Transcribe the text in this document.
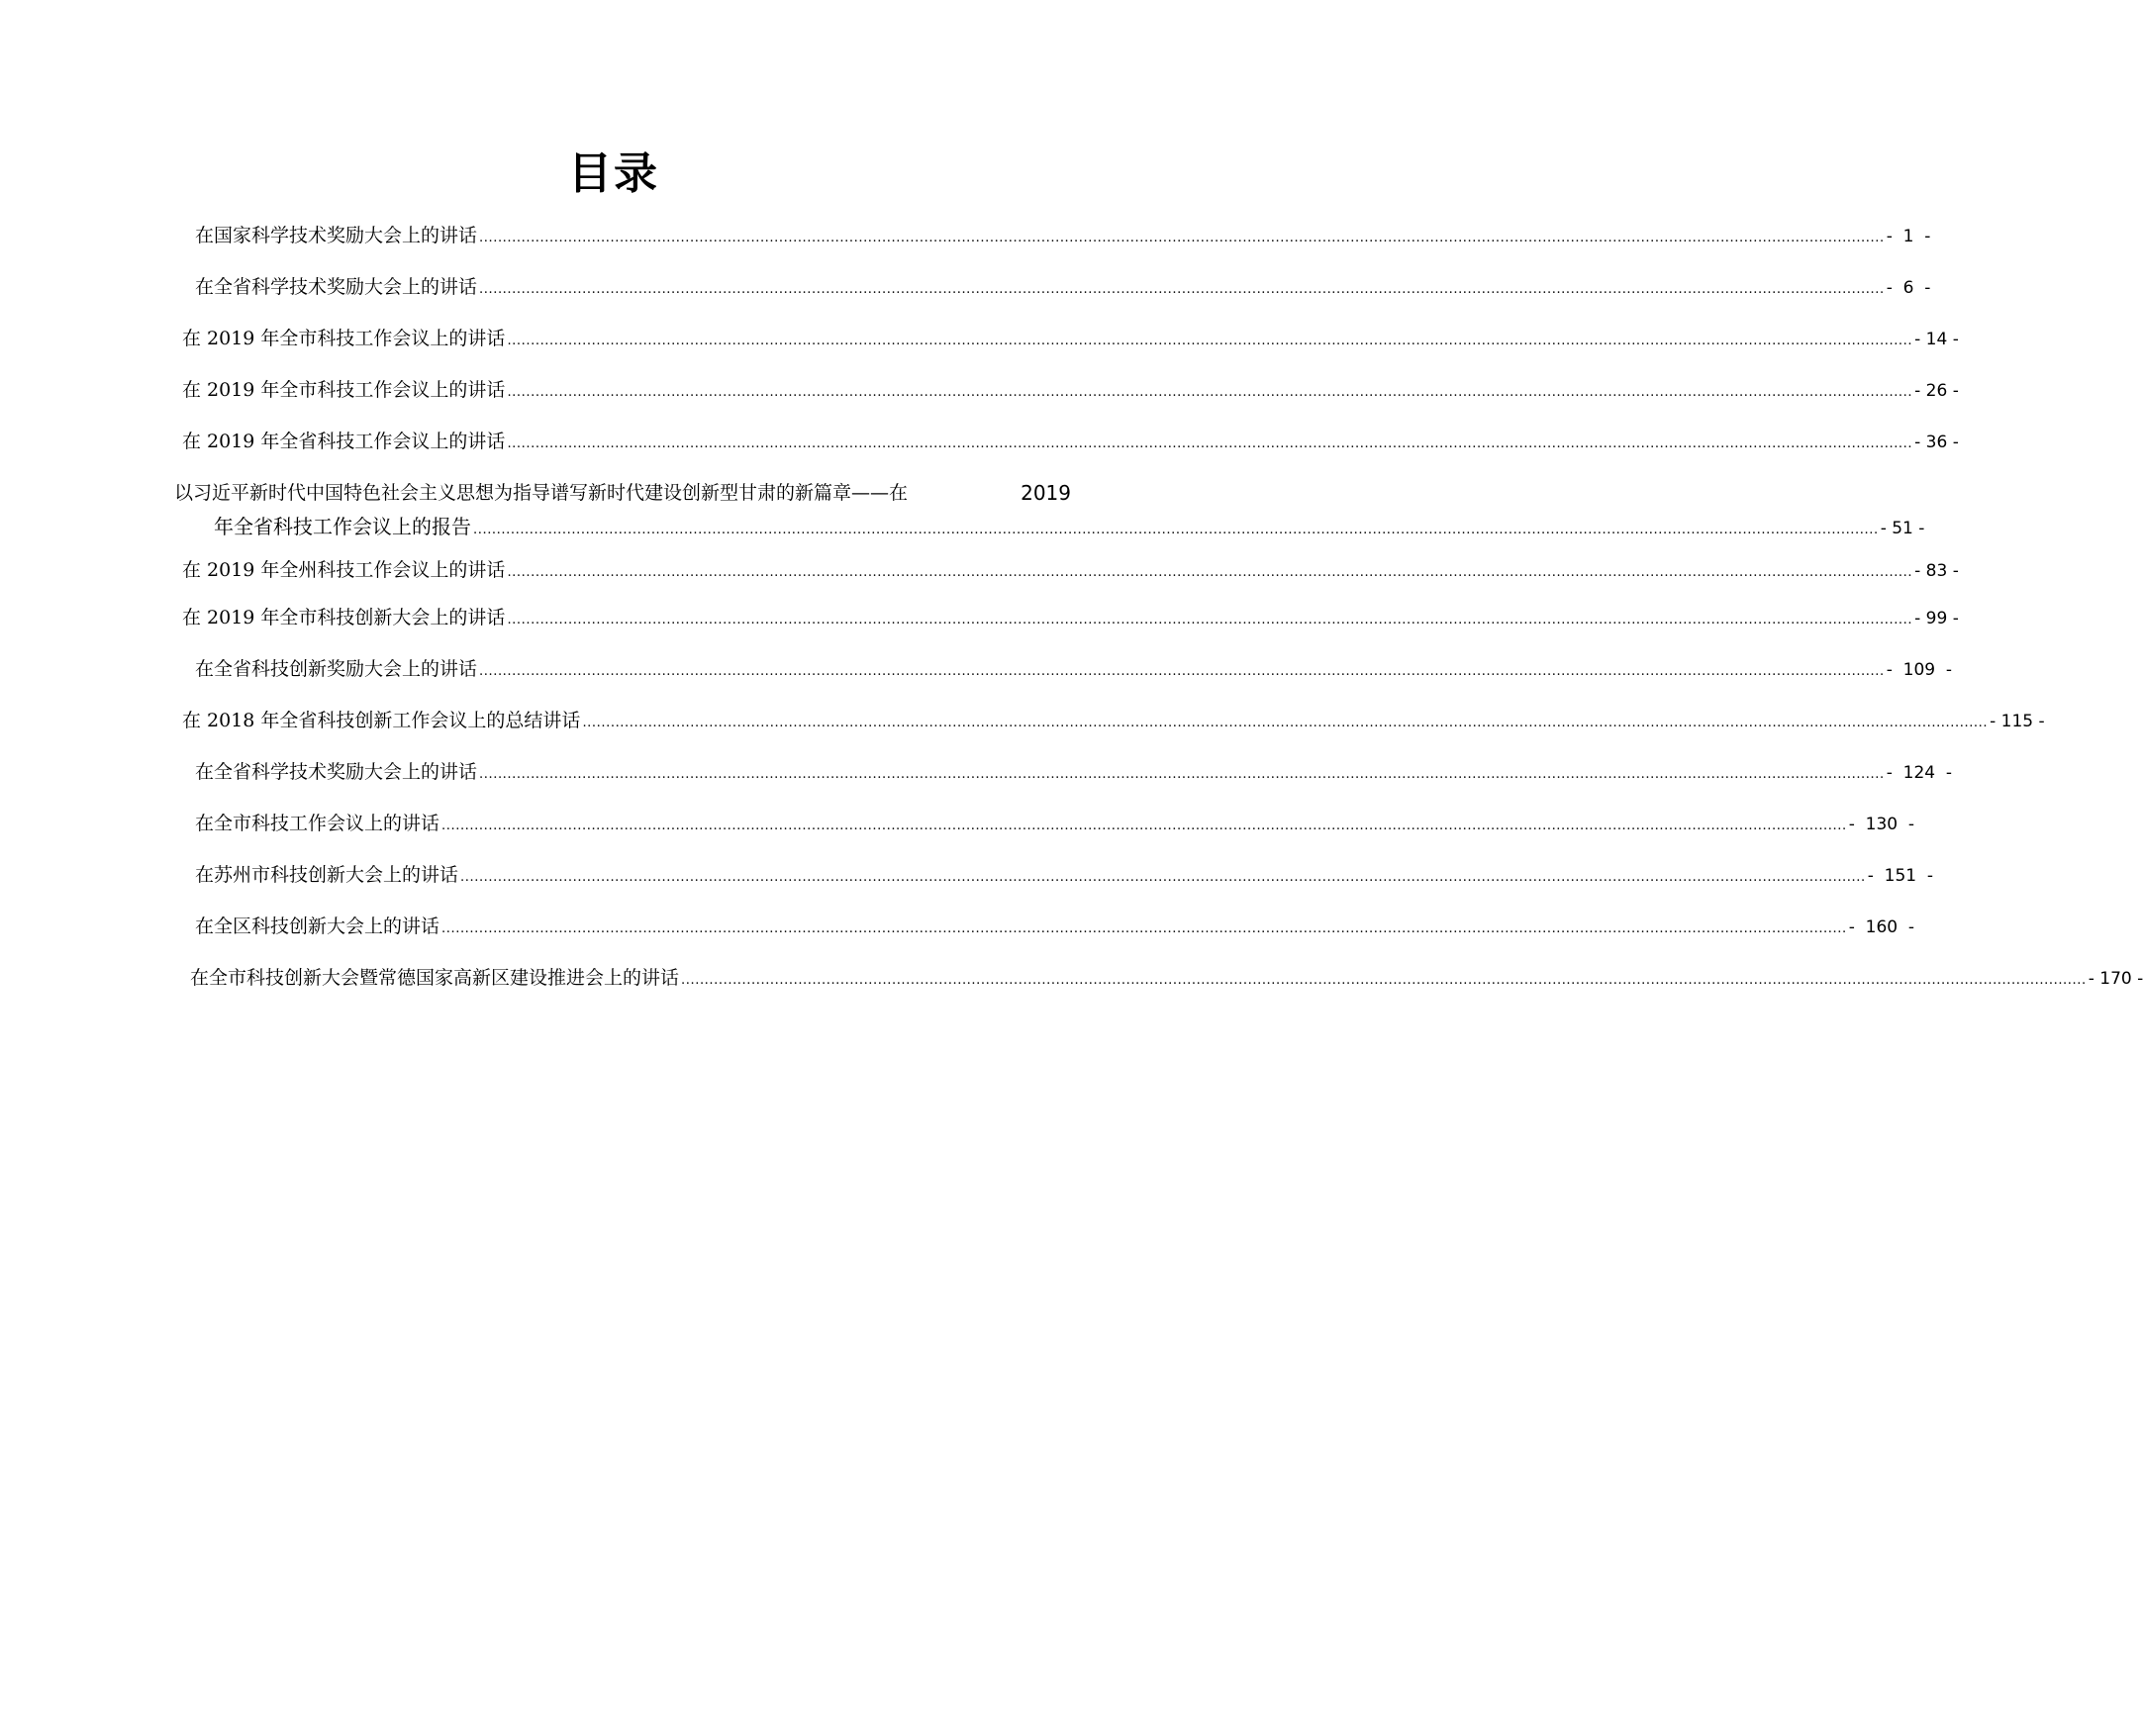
目录
在国家科学技术奖励大会上的讲话 ............................................................................................................................................................................................................................................................................................................ -  1  -
在全省科学技术奖励大会上的讲话 ............................................................................................................................................................................................................................................................................................................ -  6  -
在 2019 年全市科技工作会议上的讲话 ............................................................................................................................................................................................................................................................................................................ - 14 -
在 2019 年全市科技工作会议上的讲话 ............................................................................................................................................................................................................................................................................................................ - 26 -
在 2019 年全省科技工作会议上的讲话 ............................................................................................................................................................................................................................................................................................................ - 36 -
以习近平新时代中国特色社会主义思想为指导谱写新时代建设创新型甘肃的新篇章——在	2019
年全省科技工作会议上的报告 ............................................................................................................................................................................................................................................................................................................ - 51 -
在 2019 年全州科技工作会议上的讲话 ............................................................................................................................................................................................................................................................................................................ - 83 -
在 2019 年全市科技创新大会上的讲话 ............................................................................................................................................................................................................................................................................................................ - 99 -
在全省科技创新奖励大会上的讲话 ............................................................................................................................................................................................................................................................................................................ -  109  -
在 2018 年全省科技创新工作会议上的总结讲话 ............................................................................................................................................................................................................................................................................................................ - 115 -
在全省科学技术奖励大会上的讲话 ............................................................................................................................................................................................................................................................................................................ -  124  -
在全市科技工作会议上的讲话 ............................................................................................................................................................................................................................................................................................................ -  130  -
在苏州市科技创新大会上的讲话 ............................................................................................................................................................................................................................................................................................................ -  151  -
在全区科技创新大会上的讲话 ............................................................................................................................................................................................................................................................................................................ -  160  -
在全市科技创新大会暨常德国家高新区建设推进会上的讲话 ............................................................................................................................................................................................................................................................................................................ - 170 -
